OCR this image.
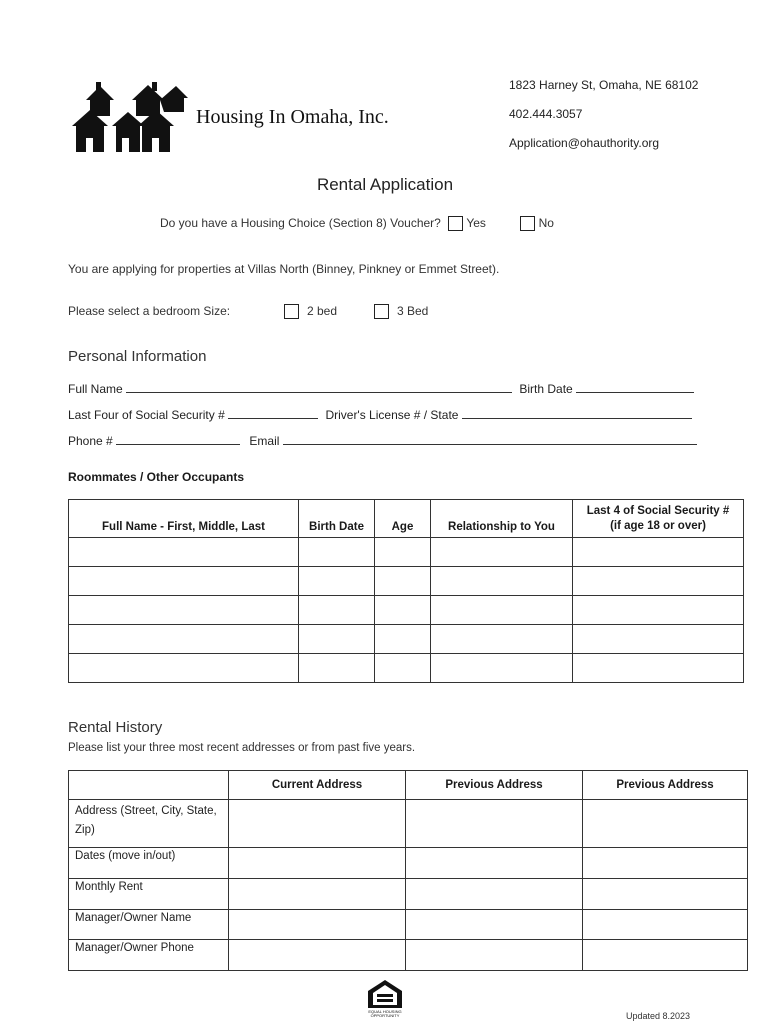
Housing In Omaha, Inc.
1823 Harney St, Omaha, NE 68102
402.444.3057
Application@ohauthority.org
Rental Application
Do you have a Housing Choice (Section 8) Voucher? Yes	No
You are applying for properties at Villas North (Binney, Pinkney or Emmet Street).
Please select a bedroom Size:	2 bed	3 Bed
Personal Information
Full Name	Birth Date
Last Four of Social Security #	Driver's License # / State
Phone #	Email
Roommates / Other Occupants
Full Name - First, Middle, Last	Birth Date	Age	Relationship to You	Last 4 of Social Security #
(if age 18 or over)

Rental History
Please list your three most recent addresses or from past five years.
	Current Address	Previous Address	Previous Address
Address (Street, City, State, Zip)			
Dates (move in/out)			
Monthly Rent			
Manager/Owner Name			
Manager/Owner Phone			
EQUAL HOUSING OPPORTUNITY	Updated 8.2023
